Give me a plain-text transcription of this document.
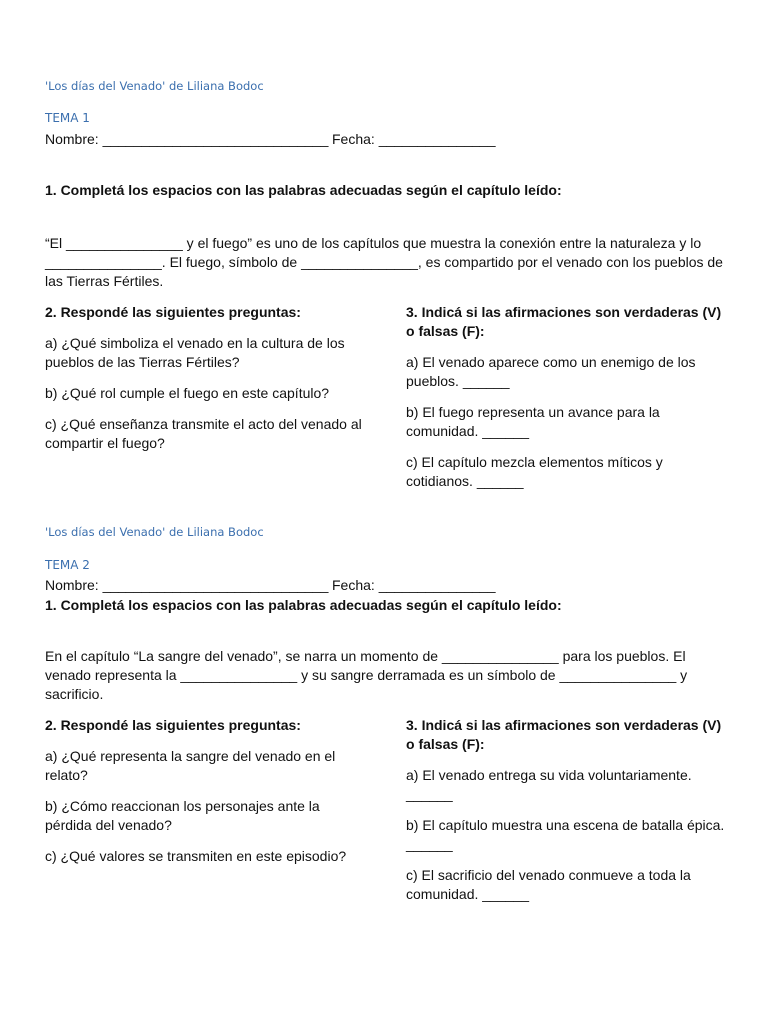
'Los días del Venado' de Liliana Bodoc
TEMA 1
Nombre: _____________________________ Fecha: _______________
1. Completá los espacios con las palabras adecuadas según el capítulo leído:
“El _______________ y el fuego” es uno de los capítulos que muestra la conexión entre la naturaleza y lo
_______________. El fuego, símbolo de _______________, es compartido por el venado con los pueblos de
las Tierras Fértiles.

2. Respondé las siguientes preguntas:

a) ¿Qué simboliza el venado en la cultura de los
pueblos de las Tierras Fértiles?
b) ¿Qué rol cumple el fuego en este capítulo?
c) ¿Qué enseñanza transmite el acto del venado al
compartir el fuego?
3. Indicá si las afirmaciones son verdaderas (V)
o falsas (F):
a) El venado aparece como un enemigo de los
pueblos. ______
b) El fuego representa un avance para la
comunidad. ______
c) El capítulo mezcla elementos míticos y
cotidianos. ______
'Los días del Venado' de Liliana Bodoc
TEMA 2
Nombre: _____________________________ Fecha: _______________
1. Completá los espacios con las palabras adecuadas según el capítulo leído:
En el capítulo “La sangre del venado”, se narra un momento de _______________ para los pueblos. El
venado representa la _______________ y su sangre derramada es un símbolo de _______________ y
sacrificio.

2. Respondé las siguientes preguntas:

a) ¿Qué representa la sangre del venado en el
relato?
b) ¿Cómo reaccionan los personajes ante la
pérdida del venado?
c) ¿Qué valores se transmiten en este episodio?
3. Indicá si las afirmaciones son verdaderas (V)
o falsas (F):
a) El venado entrega su vida voluntariamente.
______
b) El capítulo muestra una escena de batalla épica.
______
c) El sacrificio del venado conmueve a toda la
comunidad. ______
